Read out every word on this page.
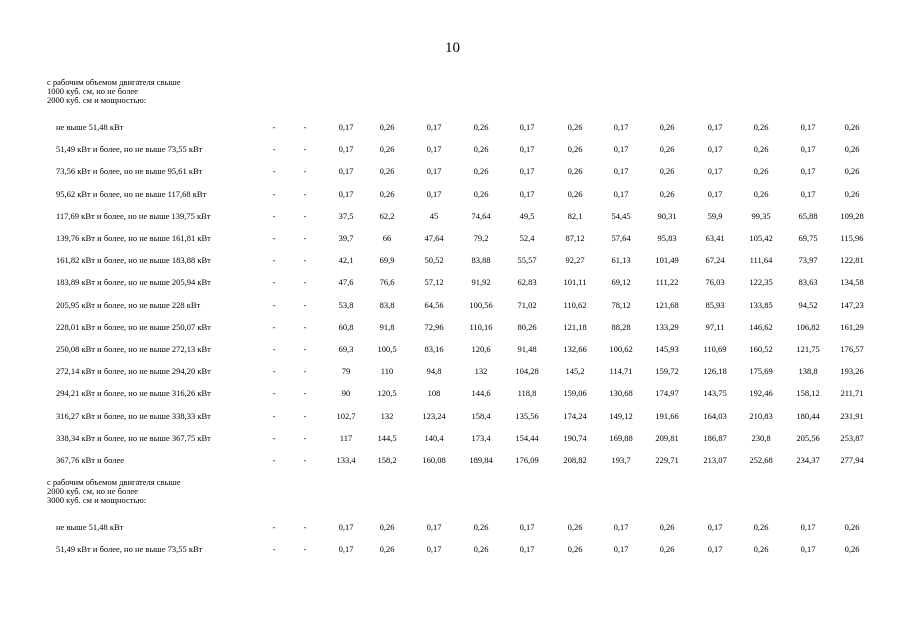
10
с рабочим объемом двигателя свыше
1000 куб. см, но не более
2000 куб. см и мощностью:
не выше 51,48 кВт	-	-	0,17	0,26	0,17	0,26	0,17	0,26	0,17	0,26	0,17	0,26	0,17	0,26
51,49 кВт и более, но не выше 73,55 кВт	-	-	0,17	0,26	0,17	0,26	0,17	0,26	0,17	0,26	0,17	0,26	0,17	0,26
73,56 кВт и более, но не выше 95,61 кВт	-	-	0,17	0,26	0,17	0,26	0,17	0,26	0,17	0,26	0,17	0,26	0,17	0,26
95,62 кВт и более, но не выше 117,68 кВт	-	-	0,17	0,26	0,17	0,26	0,17	0,26	0,17	0,26	0,17	0,26	0,17	0,26
117,69 кВт и более, но не выше 139,75 кВт	-	-	37,5	62,2	45	74,64	49,5	82,1	54,45	90,31	59,9	99,35	65,88	109,28
139,76 кВт и более, но не выше 161,81 кВт	-	-	39,7	66	47,64	79,2	52,4	87,12	57,64	95,83	63,41	105,42	69,75	115,96
161,82 кВт и более, но не выше 183,88 кВт	-	-	42,1	69,9	50,52	83,88	55,57	92,27	61,13	101,49	67,24	111,64	73,97	122,81
183,89 кВт и более, но не выше 205,94 кВт	-	-	47,6	76,6	57,12	91,92	62,83	101,11	69,12	111,22	76,03	122,35	83,63	134,58
205,95 кВт и более, но не выше 228 кВт	-	-	53,8	83,8	64,56	100,56	71,02	110,62	78,12	121,68	85,93	133,85	94,52	147,23
228,01 кВт и более, но не выше 250,07 кВт	-	-	60,8	91,8	72,96	110,16	80,26	121,18	88,28	133,29	97,11	146,62	106,82	161,29
250,08 кВт и более, но не выше 272,13 кВт	-	-	69,3	100,5	83,16	120,6	91,48	132,66	100,62	145,93	110,69	160,52	121,75	176,57
272,14 кВт и более, но не выше 294,20 кВт	-	-	79	110	94,8	132	104,28	145,2	114,71	159,72	126,18	175,69	138,8	193,26
294,21 кВт и более, но не выше 316,26 кВт	-	-	90	120,5	108	144,6	118,8	159,06	130,68	174,97	143,75	192,46	158,12	211,71
316,27 кВт и более, но не выше 338,33 кВт	-	-	102,7	132	123,24	158,4	135,56	174,24	149,12	191,66	164,03	210,83	180,44	231,91
338,34 кВт и более, но не выше 367,75 кВт	-	-	117	144,5	140,4	173,4	154,44	190,74	169,88	209,81	186,87	230,8	205,56	253,87
367,76 кВт и более	-	-	133,4	158,2	160,08	189,84	176,09	208,82	193,7	229,71	213,07	252,68	234,37	277,94
с рабочим объемом двигателя свыше
2000 куб. см, но не более
3000 куб. см и мощностью:
не выше 51,48 кВт	-	-	0,17	0,26	0,17	0,26	0,17	0,26	0,17	0,26	0,17	0,26	0,17	0,26
51,49 кВт и более, но не выше 73,55 кВт	-	-	0,17	0,26	0,17	0,26	0,17	0,26	0,17	0,26	0,17	0,26	0,17	0,26
